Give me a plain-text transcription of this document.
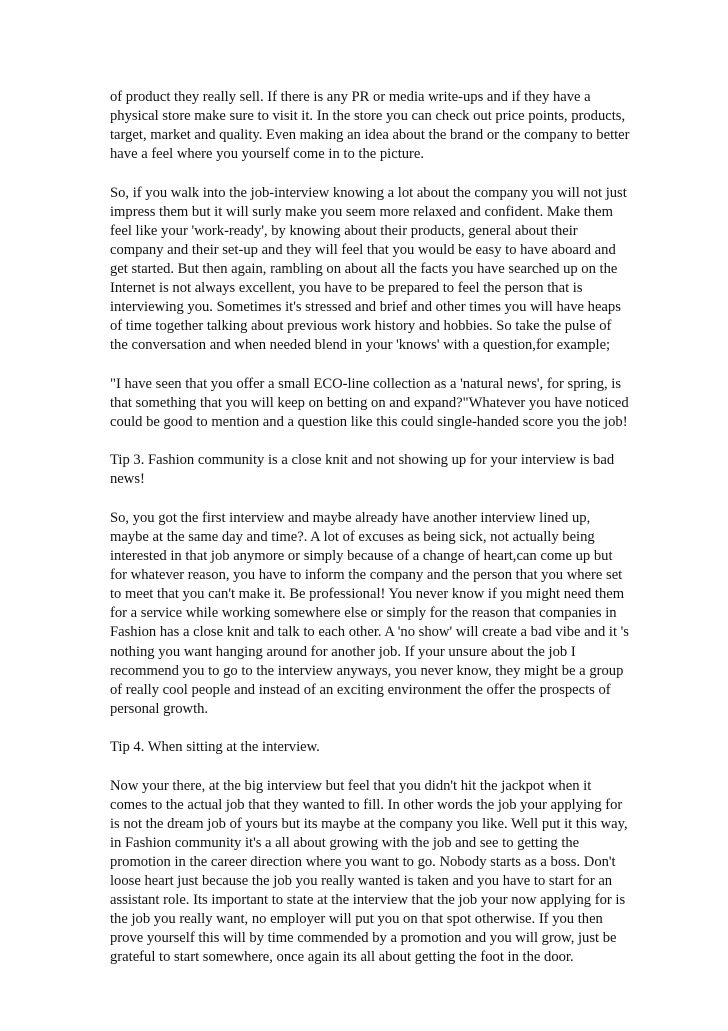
of product they really sell. If there is any PR or media write-ups and if they have a physical store make sure to visit it. In the store you can check out price points, products, target, market and quality. Even making an idea about the brand or the company to better have a feel where you yourself come in to the picture.

So, if you walk into the job-interview knowing a lot about the company you will not just impress them but it will surly make you seem more relaxed and confident. Make them feel like your 'work-ready', by knowing about their products, general about their company and their set-up and they will feel that you would be easy to have aboard and get started. But then again, rambling on about all the facts you have searched up on the Internet is not always excellent, you have to be prepared to feel the person that is interviewing you. Sometimes it's stressed and brief and other times you will have heaps of time together talking about previous work history and hobbies. So take the pulse of the conversation and when needed blend in your 'knows' with a question,for example;

"I have seen that you offer a small ECO-line collection as a 'natural news', for spring, is that something that you will keep on betting on and expand?"Whatever you have noticed could be good to mention and a question like this could single-handed score you the job!

Tip 3. Fashion community is a close knit and not showing up for your interview is bad news!

So, you got the first interview and maybe already have another interview lined up, maybe at the same day and time?. A lot of excuses as being sick, not actually being interested in that job anymore or simply because of a change of heart,can come up but for whatever reason, you have to inform the company and the person that you where set to meet that you can't make it. Be professional! You never know if you might need them for a service while working somewhere else or simply for the reason that companies in Fashion has a close knit and talk to each other. A 'no show' will create a bad vibe and it 's nothing you want hanging around for another job. If your unsure about the job I recommend you to go to the interview anyways, you never know, they might be a group of really cool people and instead of an exciting environment the offer the prospects of personal growth.

Tip 4. When sitting at the interview.

Now your there, at the big interview but feel that you didn't hit the jackpot when it comes to the actual job that they wanted to fill. In other words the job your applying for is not the dream job of yours but its maybe at the company you like. Well put it this way, in Fashion community it's a all about growing with the job and see to getting the promotion in the career direction where you want to go. Nobody starts as a boss. Don't loose heart just because the job you really wanted is taken and you have to start for an assistant role. Its important to state at the interview that the job your now applying for is the job you really want, no employer will put you on that spot otherwise. If you then prove yourself this will by time commended by a promotion and you will grow, just be grateful to start somewhere, once again its all about getting the foot in the door.
